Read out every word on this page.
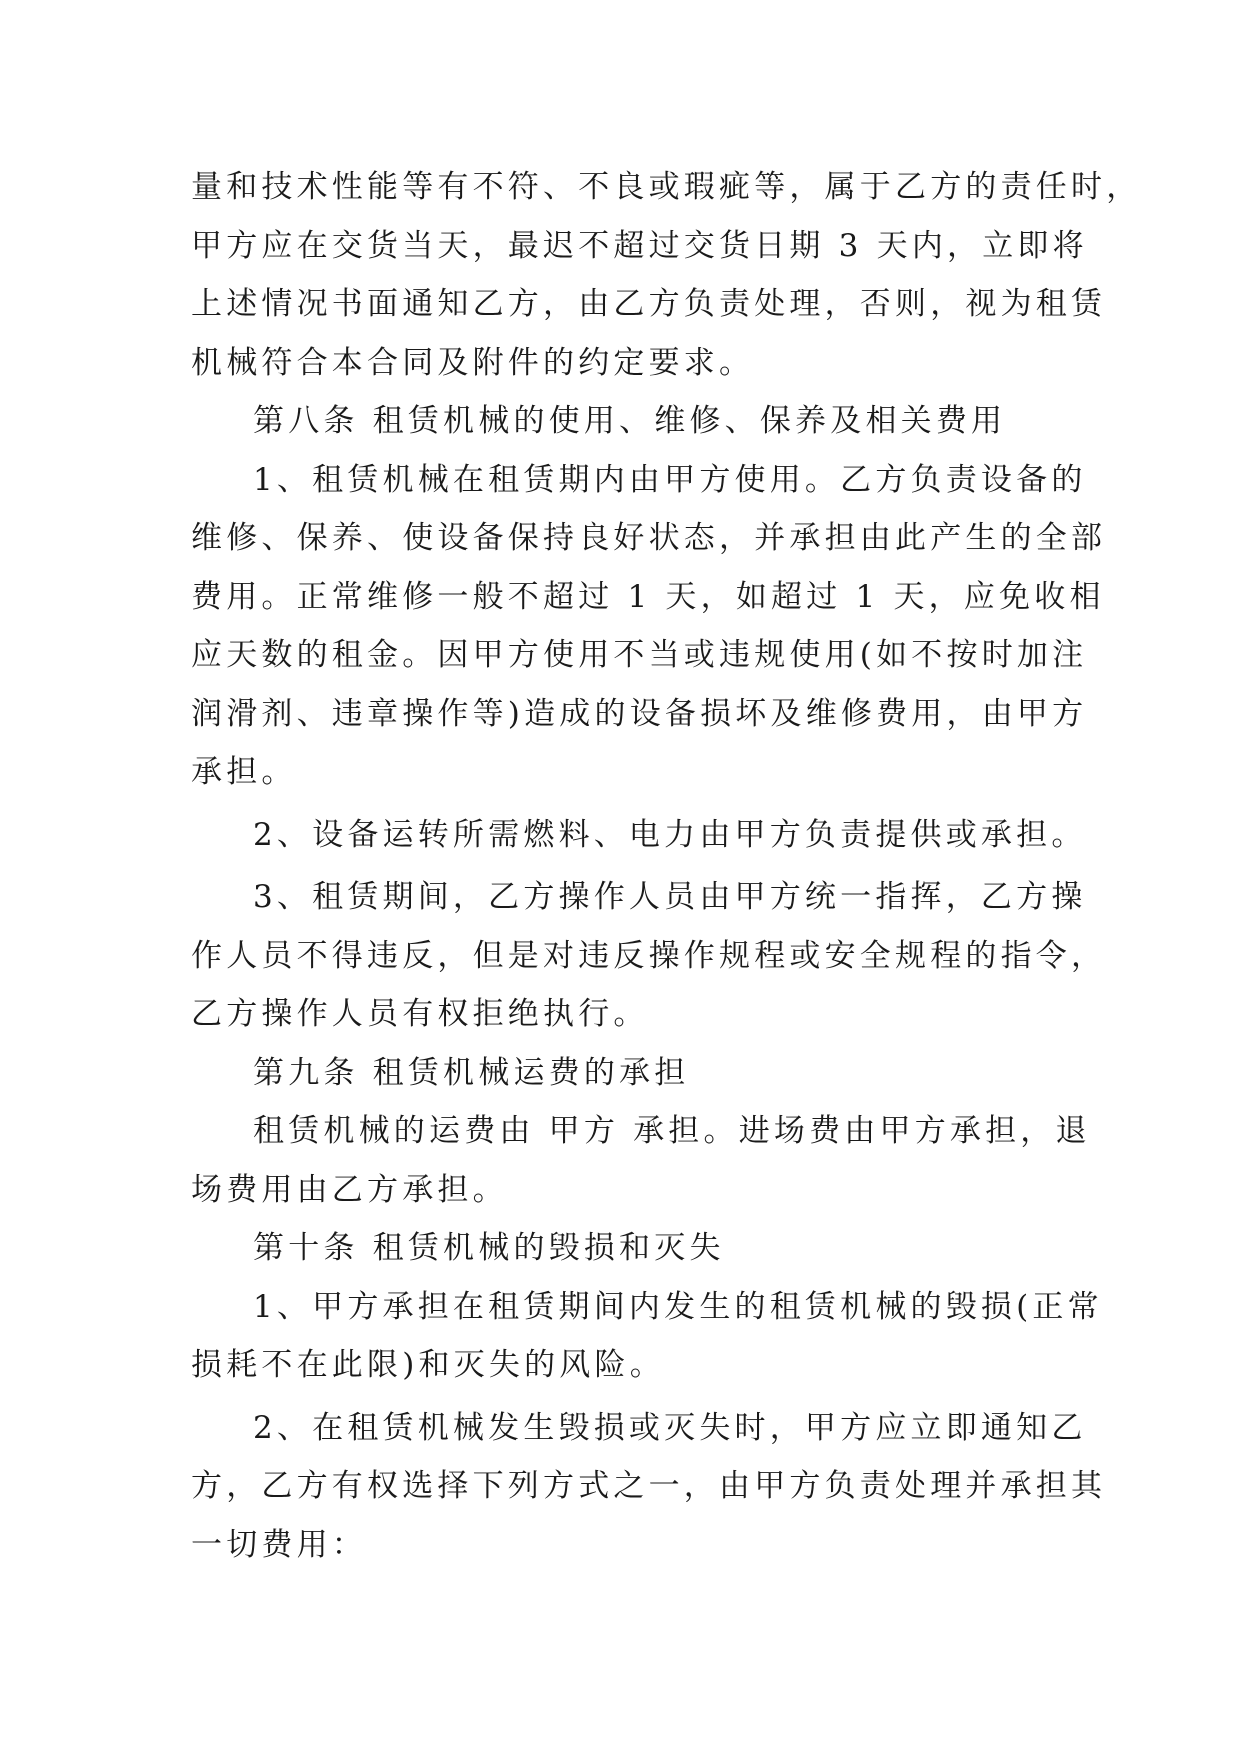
量和技术性能等有不符、不良或瑕疵等，属于乙方的责任时，
甲方应在交货当天，最迟不超过交货日期 3 天内，立即将
上述情况书面通知乙方，由乙方负责处理，否则，视为租赁
机械符合本合同及附件的约定要求。
第八条 租赁机械的使用、维修、保养及相关费用
1、租赁机械在租赁期内由甲方使用。乙方负责设备的
维修、保养、使设备保持良好状态，并承担由此产生的全部
费用。正常维修一般不超过 1 天，如超过 1 天，应免收相
应天数的租金。因甲方使用不当或违规使用(如不按时加注
润滑剂、违章操作等)造成的设备损坏及维修费用，由甲方
承担。
2、设备运转所需燃料、电力由甲方负责提供或承担。
3、租赁期间，乙方操作人员由甲方统一指挥，乙方操
作人员不得违反，但是对违反操作规程或安全规程的指令，
乙方操作人员有权拒绝执行。
第九条 租赁机械运费的承担
租赁机械的运费由 甲方 承担。进场费由甲方承担，退
场费用由乙方承担。
第十条 租赁机械的毁损和灭失
1、甲方承担在租赁期间内发生的租赁机械的毁损(正常
损耗不在此限)和灭失的风险。
2、在租赁机械发生毁损或灭失时，甲方应立即通知乙
方，乙方有权选择下列方式之一，由甲方负责处理并承担其
一切费用：
